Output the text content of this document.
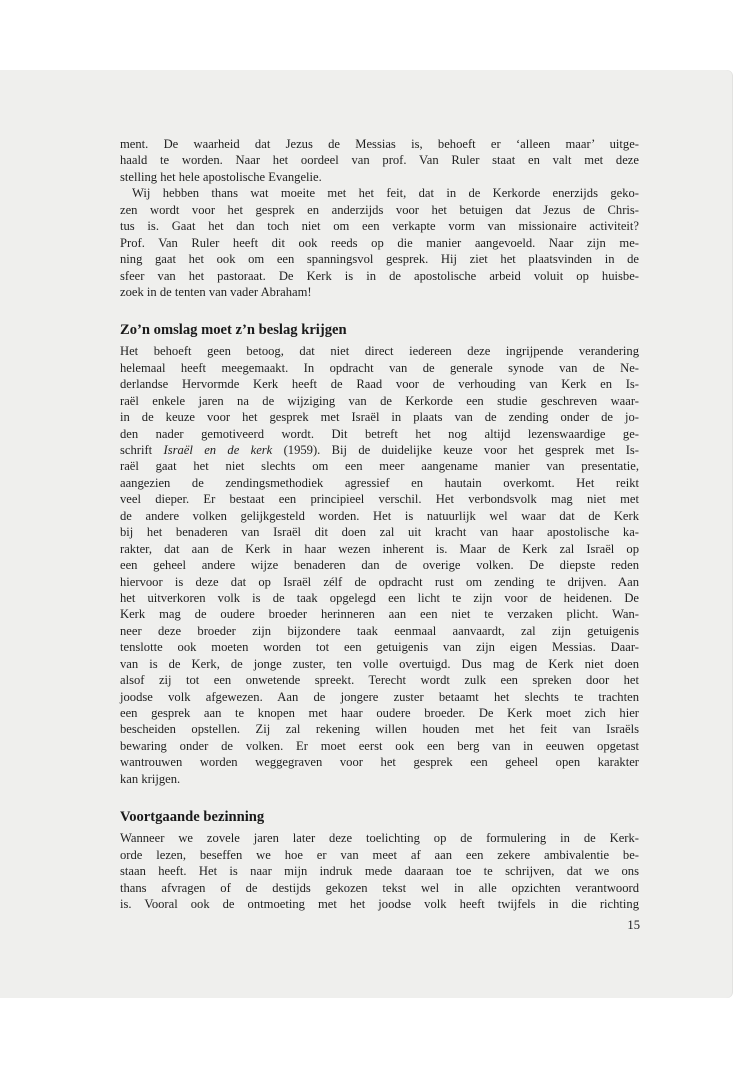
ment. De waarheid dat Jezus de Messias is, behoeft er ‘alleen maar’ uitge-
haald te worden. Naar het oordeel van prof. Van Ruler staat en valt met deze
stelling het hele apostolische Evangelie.

Wij hebben thans wat moeite met het feit, dat in de Kerkorde enerzijds geko-
zen wordt voor het gesprek en anderzijds voor het betuigen dat Jezus de Chris-
tus is. Gaat het dan toch niet om een verkapte vorm van missionaire activiteit?
Prof. Van Ruler heeft dit ook reeds op die manier aangevoeld. Naar zijn me-
ning gaat het ook om een spanningsvol gesprek. Hij ziet het plaatsvinden in de
sfeer van het pastoraat. De Kerk is in de apostolische arbeid voluit op huisbe-
zoek in de tenten van vader Abraham!

Zo’n omslag moet z’n beslag krijgen

Het behoeft geen betoog, dat niet direct iedereen deze ingrijpende verandering
helemaal heeft meegemaakt. In opdracht van de generale synode van de Ne-
derlandse Hervormde Kerk heeft de Raad voor de verhouding van Kerk en Is-
raël enkele jaren na de wijziging van de Kerkorde een studie geschreven waar-
in de keuze voor het gesprek met Israël in plaats van de zending onder de jo-
den nader gemotiveerd wordt. Dit betreft het nog altijd lezenswaardige ge-
schrift Israël en de kerk (1959). Bij de duidelijke keuze voor het gesprek met Is-
raël gaat het niet slechts om een meer aangename manier van presentatie,
aangezien de zendingsmethodiek agressief en hautain overkomt. Het reikt
veel dieper. Er bestaat een principieel verschil. Het verbondsvolk mag niet met
de andere volken gelijkgesteld worden. Het is natuurlijk wel waar dat de Kerk
bij het benaderen van Israël dit doen zal uit kracht van haar apostolische ka-
rakter, dat aan de Kerk in haar wezen inherent is. Maar de Kerk zal Israël op
een geheel andere wijze benaderen dan de overige volken. De diepste reden
hiervoor is deze dat op Israël zélf de opdracht rust om zending te drijven. Aan
het uitverkoren volk is de taak opgelegd een licht te zijn voor de heidenen. De
Kerk mag de oudere broeder herinneren aan een niet te verzaken plicht. Wan-
neer deze broeder zijn bijzondere taak eenmaal aanvaardt, zal zijn getuigenis
tenslotte ook moeten worden tot een getuigenis van zijn eigen Messias. Daar-
van is de Kerk, de jonge zuster, ten volle overtuigd. Dus mag de Kerk niet doen
alsof zij tot een onwetende spreekt. Terecht wordt zulk een spreken door het
joodse volk afgewezen. Aan de jongere zuster betaamt het slechts te trachten
een gesprek aan te knopen met haar oudere broeder. De Kerk moet zich hier
bescheiden opstellen. Zij zal rekening willen houden met het feit van Israëls
bewaring onder de volken. Er moet eerst ook een berg van in eeuwen opgetast
wantrouwen worden weggegraven voor het gesprek een geheel open karakter
kan krijgen.

Voortgaande bezinning

Wanneer we zovele jaren later deze toelichting op de formulering in de Kerk-
orde lezen, beseffen we hoe er van meet af aan een zekere ambivalentie be-
staan heeft. Het is naar mijn indruk mede daaraan toe te schrijven, dat we ons
thans afvragen of de destijds gekozen tekst wel in alle opzichten verantwoord
is. Vooral ook de ontmoeting met het joodse volk heeft twijfels in die richting

15
